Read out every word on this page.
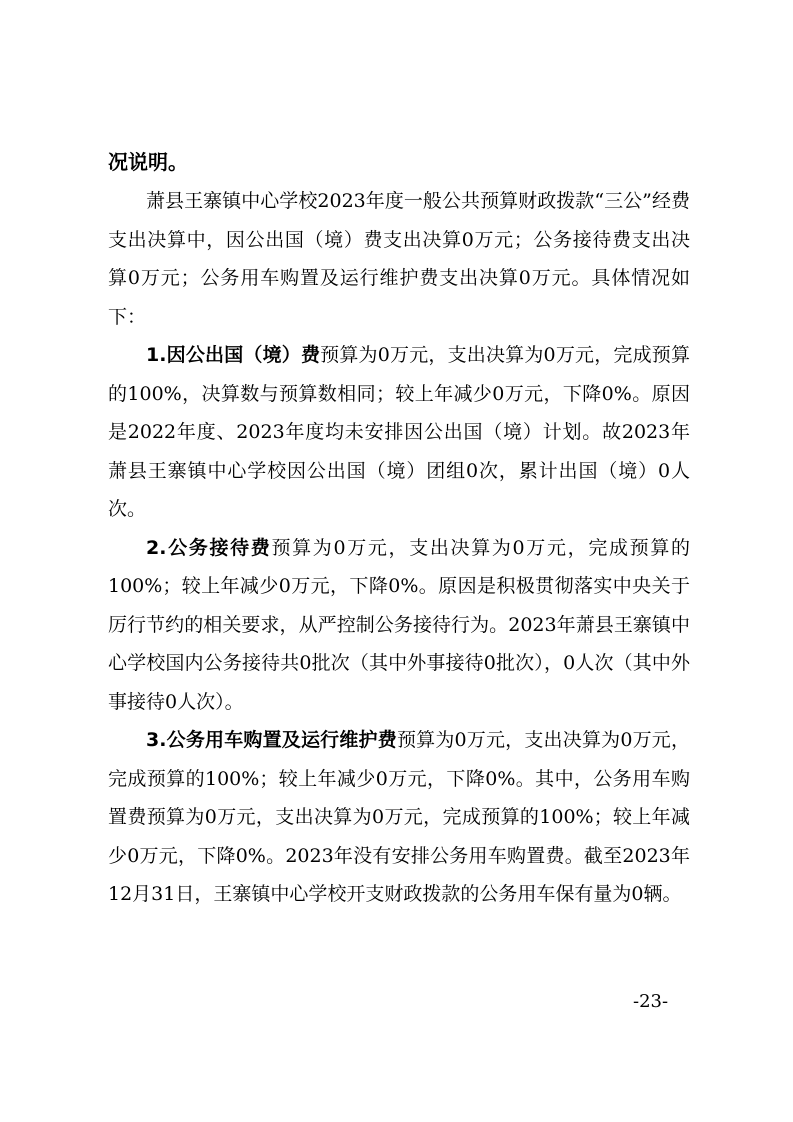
况说明。

萧县王寨镇中心学校2023年度一般公共预算财政拨款“三公”经费支出决算中，因公出国（境）费支出决算0万元；公务接待费支出决算0万元；公务用车购置及运行维护费支出决算0万元。具体情况如下：

1.因公出国（境）费预算为0万元，支出决算为0万元，完成预算的100%，决算数与预算数相同；较上年减少0万元，下降0%。原因是2022年度、2023年度均未安排因公出国（境）计划。故2023年萧县王寨镇中心学校因公出国（境）团组0次，累计出国（境）0人次。

2.公务接待费预算为0万元，支出决算为0万元，完成预算的100%；较上年减少0万元，下降0%。原因是积极贯彻落实中央关于厉行节约的相关要求，从严控制公务接待行为。2023年萧县王寨镇中心学校国内公务接待共0批次（其中外事接待0批次），0人次（其中外事接待0人次）。

3.公务用车购置及运行维护费预算为0万元，支出决算为0万元，完成预算的100%；较上年减少0万元，下降0%。其中，公务用车购置费预算为0万元，支出决算为0万元，完成预算的100%；较上年减少0万元，下降0%。2023年没有安排公务用车购置费。截至2023年12月31日，王寨镇中心学校开支财政拨款的公务用车保有量为0辆。

-23-
